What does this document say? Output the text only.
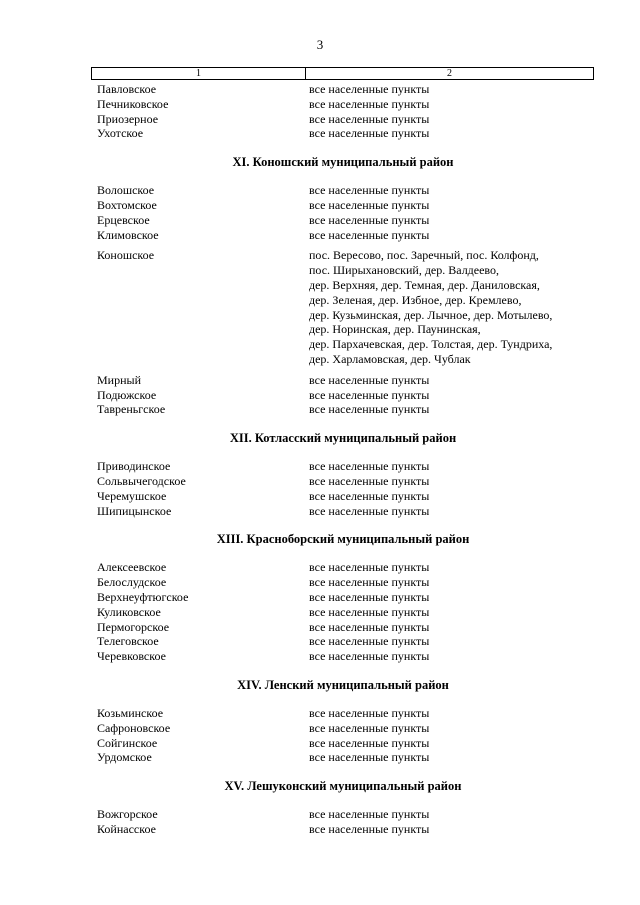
3
1	2
Павловское	все населенные пункты
Печниковское	все населенные пункты
Приозерное	все населенные пункты
Ухотское	все населенные пункты
XI. Коношский муниципальный район
Волошское	все населенные пункты
Вохтомское	все населенные пункты
Ерцевское	все населенные пункты
Климовское	все населенные пункты
Коношское	пос. Вересово, пос. Заречный, пос. Колфонд,
пос. Ширыхановский, дер. Валдеево,
дер. Верхняя, дер. Темная, дер. Даниловская,
дер. Зеленая, дер. Избное, дер. Кремлево,
дер. Кузьминская, дер. Лычное, дер. Мотылево,
дер. Норинская, дер. Паунинская,
дер. Пархачевская, дер. Толстая, дер. Тундриха,
дер. Харламовская, дер. Чублак
Мирный	все населенные пункты
Подюжское	все населенные пункты
Тавреньгское	все населенные пункты
XII. Котласский муниципальный район
Приводинское	все населенные пункты
Сольвычегодское	все населенные пункты
Черемушское	все населенные пункты
Шипицынское	все населенные пункты
XIII. Красноборский муниципальный район
Алексеевское	все населенные пункты
Белослудское	все населенные пункты
Верхнеуфтюгское	все населенные пункты
Куликовское	все населенные пункты
Пермогорское	все населенные пункты
Телеговское	все населенные пункты
Черевковское	все населенные пункты
XIV. Ленский муниципальный район
Козьминское	все населенные пункты
Сафроновское	все населенные пункты
Сойгинское	все населенные пункты
Урдомское	все населенные пункты
XV. Лешуконский муниципальный район
Вожгорское	все населенные пункты
Койнасское	все населенные пункты
